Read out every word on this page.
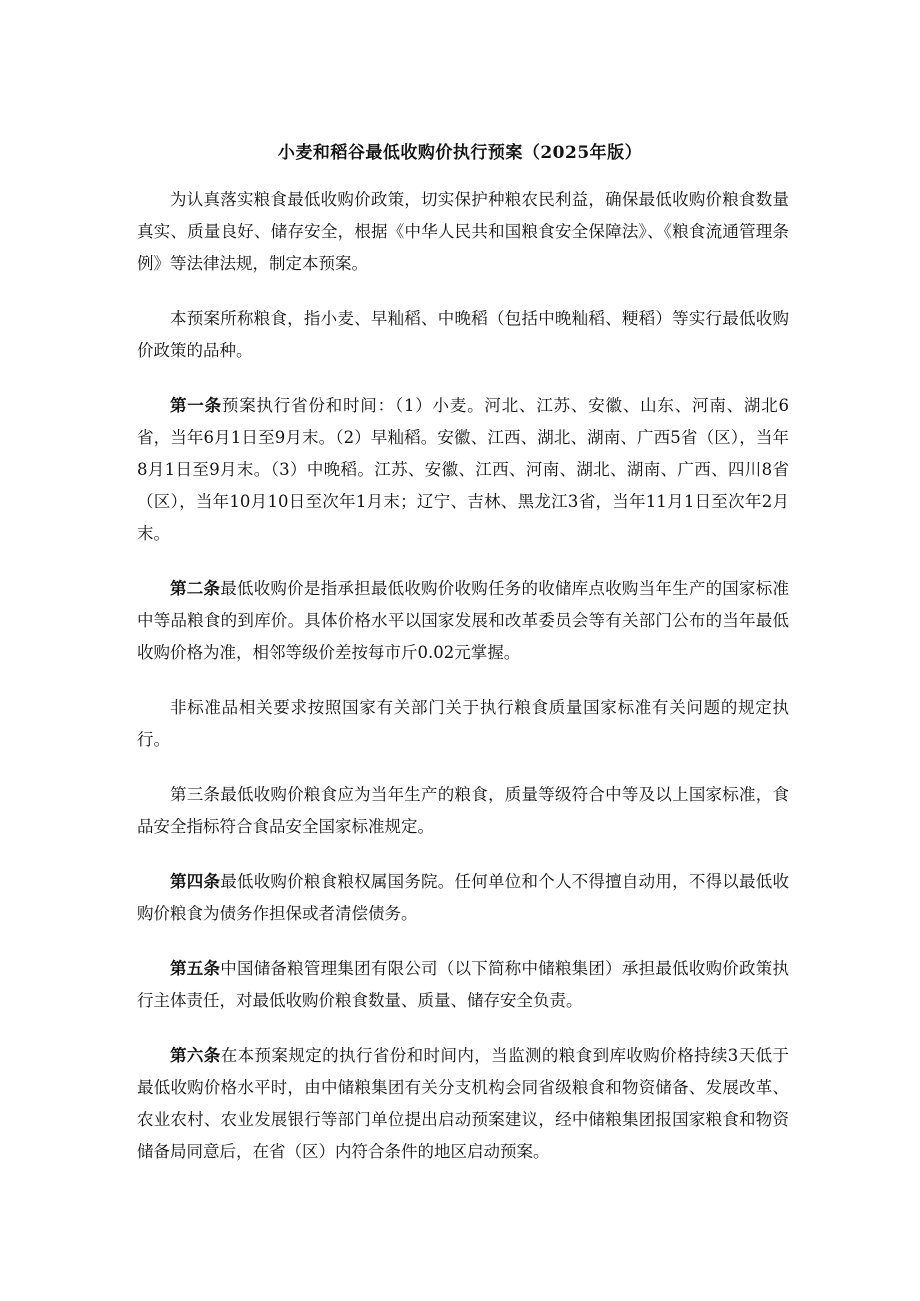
小麦和稻谷最低收购价执行预案（2025年版）

为认真落实粮食最低收购价政策，切实保护种粮农民利益，确保最低收购价粮食数量真实、质量良好、储存安全，根据《中华人民共和国粮食安全保障法》、《粮食流通管理条例》等法律法规，制定本预案。

本预案所称粮食，指小麦、早籼稻、中晚稻（包括中晚籼稻、粳稻）等实行最低收购价政策的品种。

第一条预案执行省份和时间：（1）小麦。河北、江苏、安徽、山东、河南、湖北6省，当年6月1日至9月末。（2）早籼稻。安徽、江西、湖北、湖南、广西5省（区），当年8月1日至9月末。（3）中晚稻。江苏、安徽、江西、河南、湖北、湖南、广西、四川8省（区），当年10月10日至次年1月末；辽宁、吉林、黑龙江3省，当年11月1日至次年2月末。

第二条最低收购价是指承担最低收购价收购任务的收储库点收购当年生产的国家标准中等品粮食的到库价。具体价格水平以国家发展和改革委员会等有关部门公布的当年最低收购价格为准，相邻等级价差按每市斤0.02元掌握。

非标准品相关要求按照国家有关部门关于执行粮食质量国家标准有关问题的规定执行。

第三条最低收购价粮食应为当年生产的粮食，质量等级符合中等及以上国家标准，食品安全指标符合食品安全国家标准规定。

第四条最低收购价粮食粮权属国务院。任何单位和个人不得擅自动用，不得以最低收购价粮食为债务作担保或者清偿债务。

第五条中国储备粮管理集团有限公司（以下简称中储粮集团）承担最低收购价政策执行主体责任，对最低收购价粮食数量、质量、储存安全负责。

第六条在本预案规定的执行省份和时间内，当监测的粮食到库收购价格持续3天低于最低收购价格水平时，由中储粮集团有关分支机构会同省级粮食和物资储备、发展改革、农业农村、农业发展银行等部门单位提出启动预案建议，经中储粮集团报国家粮食和物资储备局同意后，在省（区）内符合条件的地区启动预案。
